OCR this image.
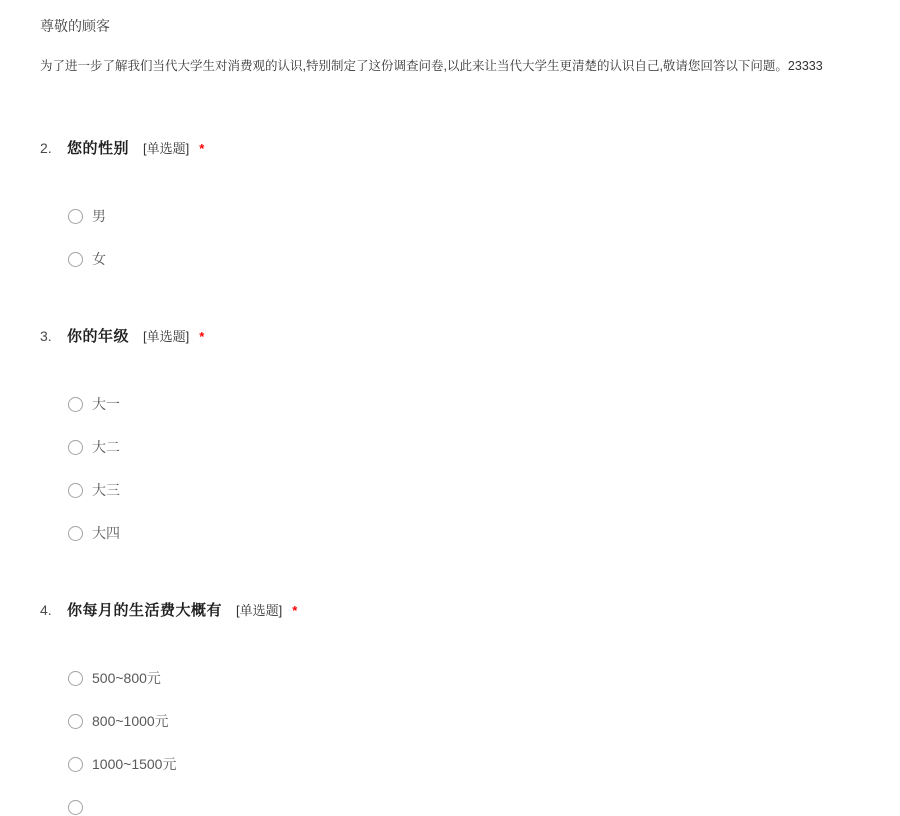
尊敬的顾客
为了进一步了解我们当代大学生对消费观的认识,特别制定了这份调查问卷,以此来让当代大学生更清楚的认识自己,敬请您回答以下问题。23333
2.	您的性别 [单选题] *
男
女
3.	你的年级 [单选题] *
大一
大二
大三
大四
4.	你每月的生活费大概有 [单选题] *
500~800元
800~1000元
1000~1500元
